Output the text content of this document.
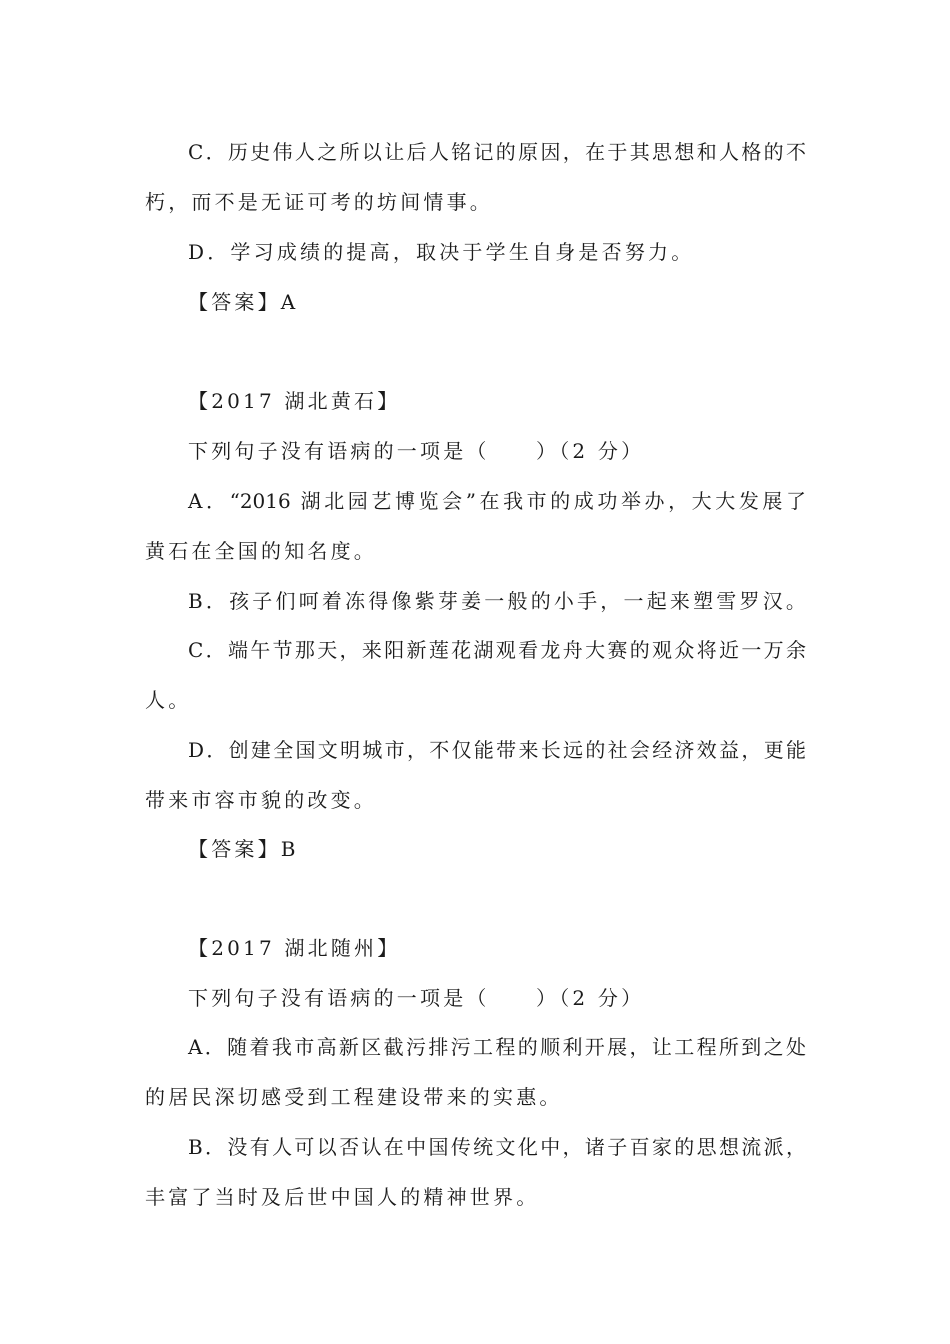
C．历史伟人之所以让后人铭记的原因，在于其思想和人格的不
朽，而不是无证可考的坊间情事。
D．学习成绩的提高，取决于学生自身是否努力。
【答案】A
【2017 湖北黄石】
下列句子没有语病的一项是（　　）（2 分）
A．“2016 湖北园艺博览会”在我市的成功举办，大大发展了
黄石在全国的知名度。
B．孩子们呵着冻得像紫芽姜一般的小手，一起来塑雪罗汉。
C．端午节那天，来阳新莲花湖观看龙舟大赛的观众将近一万余
人。
D．创建全国文明城市，不仅能带来长远的社会经济效益，更能
带来市容市貌的改变。
【答案】B
【2017 湖北随州】
下列句子没有语病的一项是（　　）（2 分）
A．随着我市高新区截污排污工程的顺利开展，让工程所到之处
的居民深切感受到工程建设带来的实惠。
B．没有人可以否认在中国传统文化中，诸子百家的思想流派，
丰富了当时及后世中国人的精神世界。
